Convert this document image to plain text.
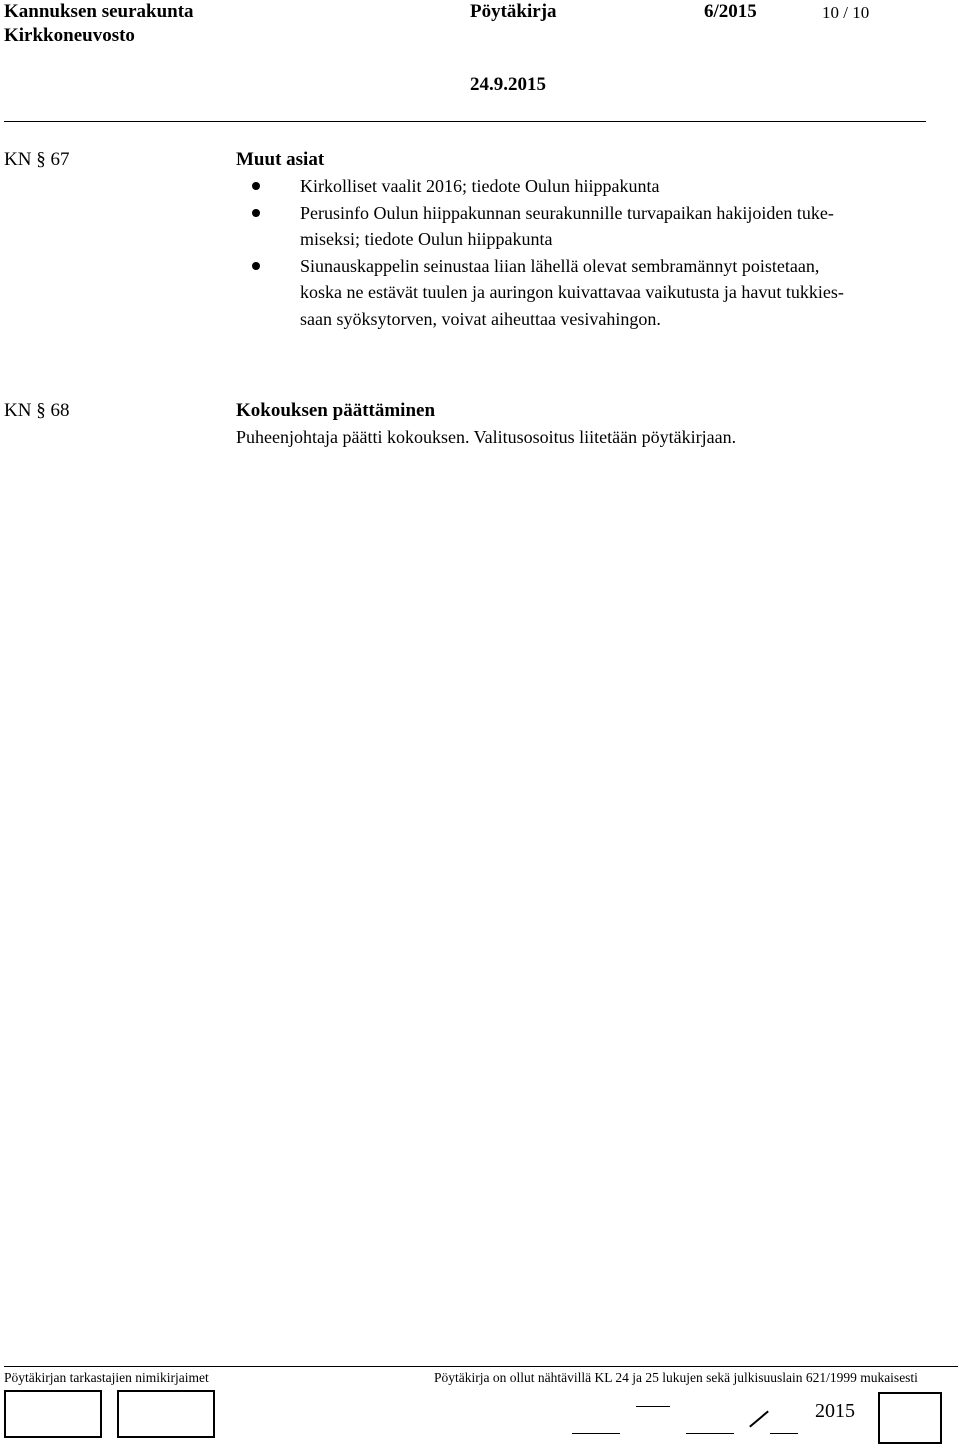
Kannuksen seurakunta	Pöytäkirja	6/2015	10 / 10
Kirkkoneuvosto
24.9.2015
KN § 67	Muut asiat
Kirkolliset vaalit 2016; tiedote Oulun hiippakunta
Perusinfo Oulun hiippakunnan seurakunnille turvapaikan hakijoiden tuke-
miseksi; tiedote Oulun hiippakunta
Siunauskappelin seinustaa liian lähellä olevat sembramännyt poistetaan,
koska ne estävät tuulen ja auringon kuivattavaa vaikutusta ja havut tukkies-
saan syöksytorven, voivat aiheuttaa vesivahingon.
KN § 68	Kokouksen päättäminen
Puheenjohtaja päätti kokouksen. Valitusosoitus liitetään pöytäkirjaan.
Pöytäkirjan tarkastajien nimikirjaimet	Pöytäkirja on ollut nähtävillä KL 24 ja 25 lukujen sekä julkisuuslain 621/1999 mukaisesti
2015
